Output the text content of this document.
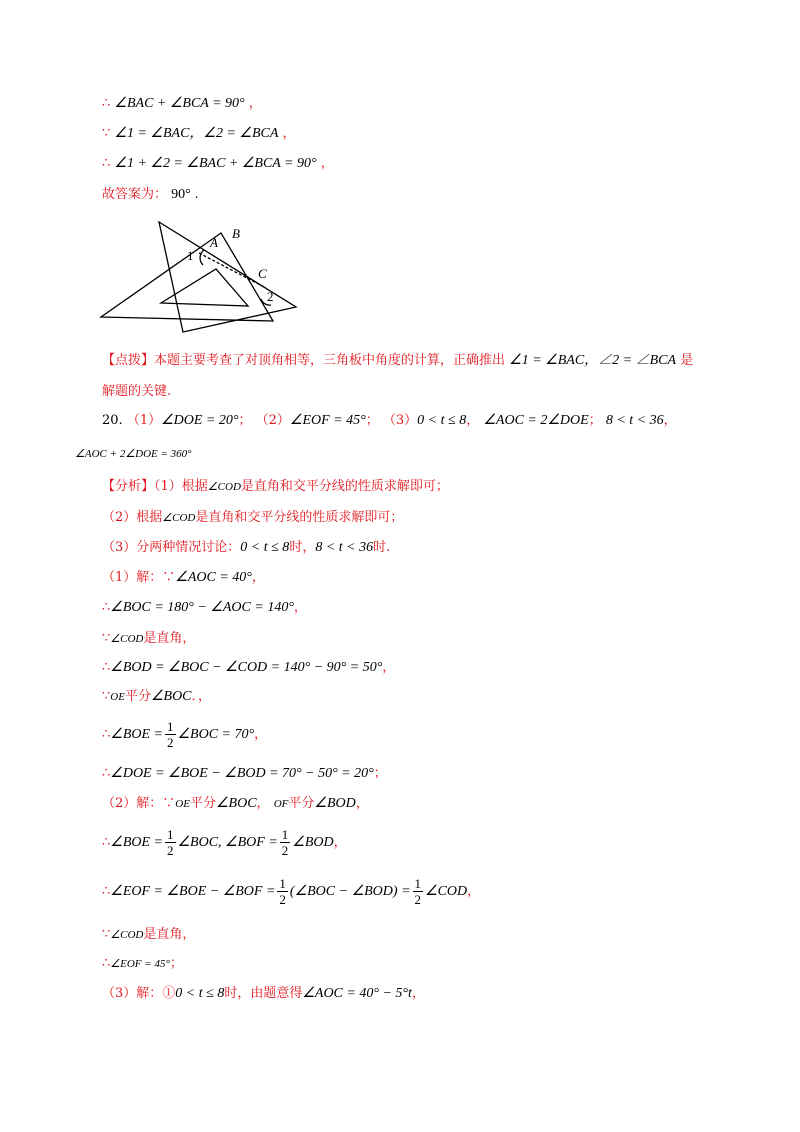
∴ ∠BAC + ∠BCA = 90° ，
∵ ∠1 = ∠BAC，∠2 = ∠BCA ，
∴ ∠1 + ∠2 = ∠BAC + ∠BCA = 90° ，
故答案为： 90° .
A
B
C
1
2
【点拨】本题主要考查了对顶角相等，三角板中角度的计算，正确推出 ∠1 = ∠BAC，∠2 = ∠BCA 是
解题的关键.
20. （1）∠DOE = 20°； （2）∠EOF = 45°； （3）0 < t ≤ 8， ∠AOC = 2∠DOE； 8 < t < 36，
∠AOC + 2∠DOE = 360°
【分析】（1）根据∠COD是直角和交平分线的性质求解即可；
（2）根据∠COD是直角和交平分线的性质求解即可；
（3）分两种情况讨论：0 < t ≤ 8时，8 < t < 36时.
（1）解：∵∠AOC = 40°，
∴∠BOC = 180° − ∠AOC = 140°，
∵∠COD是直角，
∴∠BOD = ∠BOC − ∠COD = 140° − 90° = 50°，
∵OE平分∠BOC．，
∴∠BOE = $\frac{1}{2}$ ∠BOC = 70°，
∴∠DOE = ∠BOE − ∠BOD = 70° − 50° = 20°；
（2）解：∵OE平分∠BOC， OF平分∠BOD，
∴∠BOE = $\frac{1}{2}$ ∠BOC, ∠BOF = $\frac{1}{2}$ ∠BOD，
∴∠EOF = ∠BOE − ∠BOF = $\frac{1}{2}$ (∠BOC − ∠BOD) = $\frac{1}{2}$ ∠COD，
∵∠COD是直角，
∴∠EOF = 45°；
（3）解：①0 < t ≤ 8时，由题意得∠AOC = 40° − 5°t，
